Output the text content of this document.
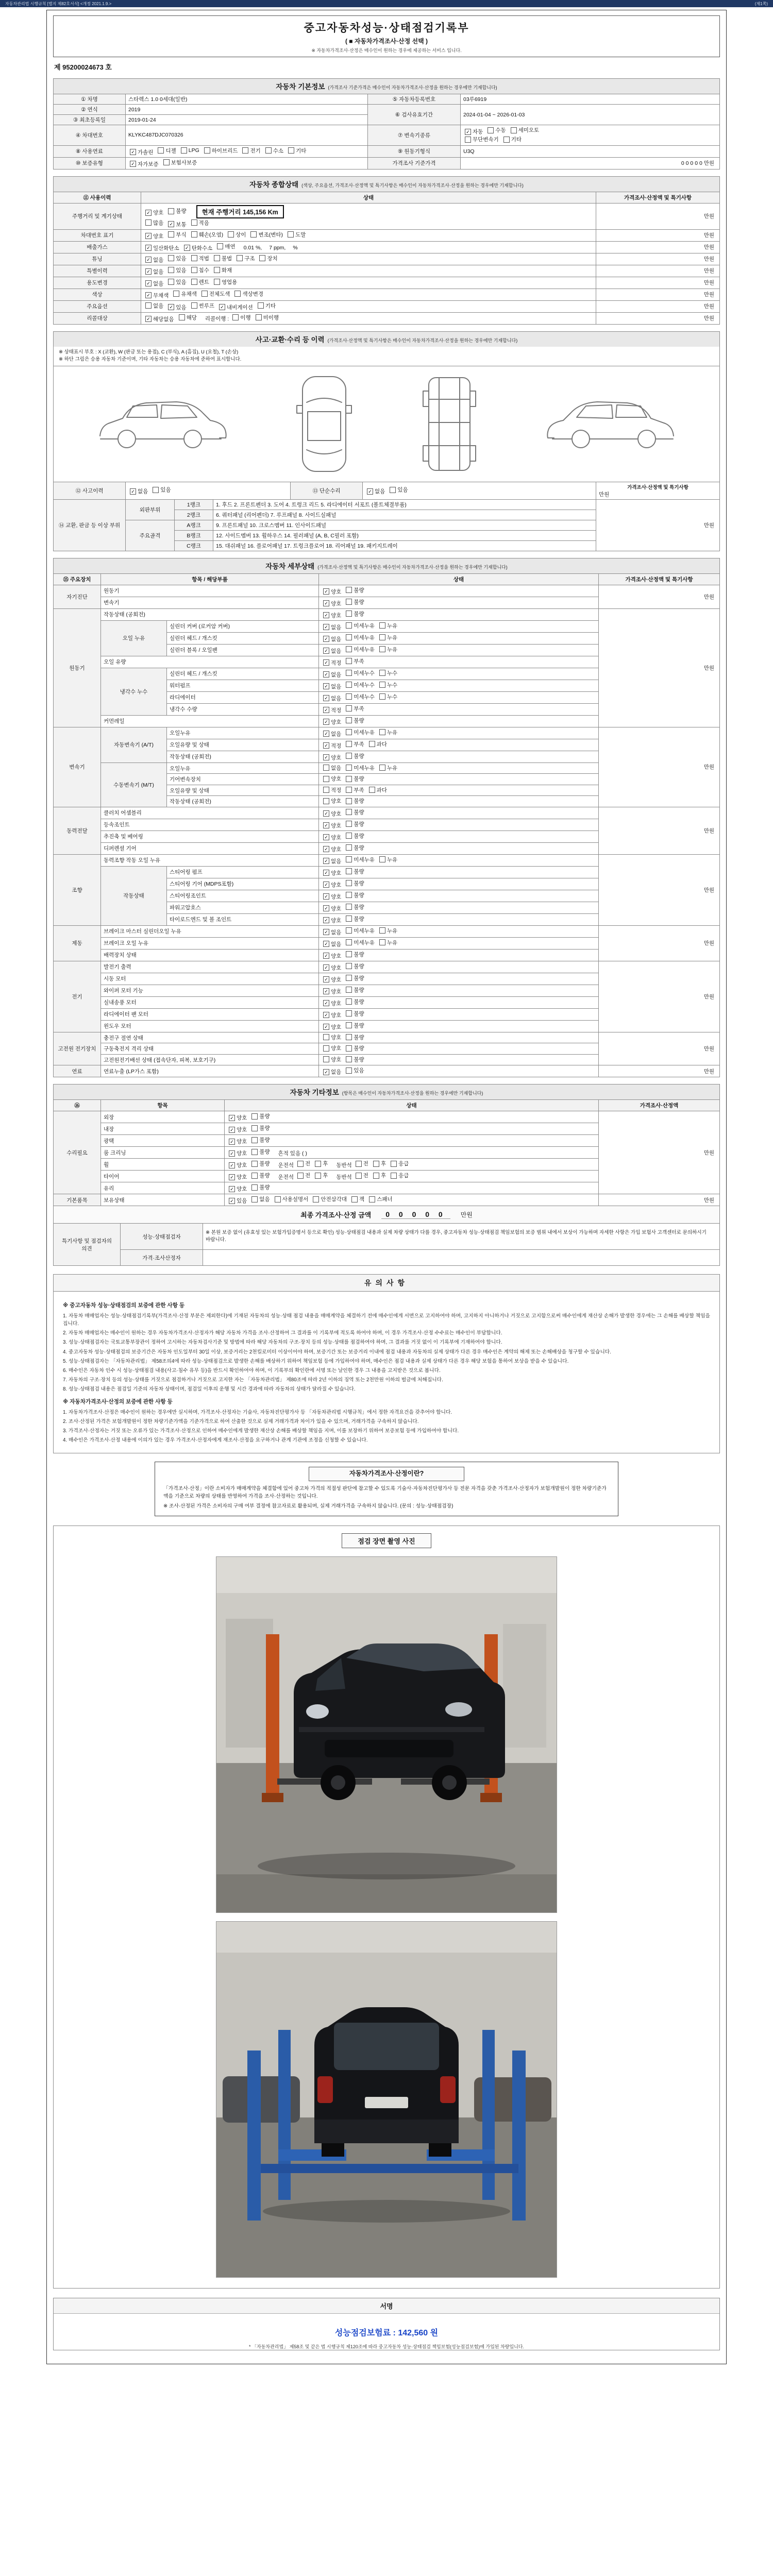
자동차관리법 시행규칙 [별지 제82호서식] <개정 2021.1.9.>	(제1쪽)
중고자동차성능·상태점검기록부
( ■ 자동차가격조사·산정 선택 )
※ 자동차가격조사·산정은 매수인이 원하는 경우에 제공하는 서비스 입니다.
제 95200024673 호
자동차 기본정보 (가격조사 기준가격은 매수인이 자동차가격조사·산정을 원하는 경우에만 기재합니다)
① 차명	스타렉스 1.0 0세대(일반)	⑤ 자동차등록번호	03루6919
② 연식	2019	⑥ 검사유효기간	2024-01-04 ~ 2026-01-03
③ 최초등록일	2019-01-24		
④ 차대번호	KLYKC487DJC070326	⑦ 변속기종류	
✓ 자동 수동 세미오토

무단변속기 기타

⑧ 사용연료	✓ 가솔린 디젤 LPG 하이브리드 전기 수소 기타	⑨ 원동기형식	U3Q
⑩ 보증유형	✓ 자가보증 보험사보증	가격조사 기준가격	0 0 0 0 0 만원
자동차 종합상태 (색상, 주요옵션, 가격조사·산정액 및 특기사항은 매수인이 자동차가격조사·산정을 원하는 경우에만 기재합니다)
⑪ 사용이력	상태	가격조사·산정액 및 특기사항
주행거리 및 계기상태	
✓ 양호 불량 현재 주행거리 145,156 Km

많음 ✓ 보통 적음
	만원
차대번호 표기	✓ 양호 부식 훼손(오염) 상이 변조(변타) 도말	만원
배출가스	✓ 일산화탄소 ✓ 탄화수소 매연 0.01 %, 7 ppm, %	만원
튜닝	✓ 없음 있음 적법 불법 구조 장치	만원
특별이력	✓ 없음 있음 침수 화재	만원
용도변경	✓ 없음 있음 렌트 영업용	만원
색상	✓ 무채색 유채색 전체도색 색상변경	만원
주요옵션	없음 ✓ 있음 썬루프 ✓ 내비게이션 기타	만원
리콜대상	✓ 해당없음 해당 리콜이행 : 이행 미이행	만원
사고·교환·수리 등 이력 (가격조사·산정액 및 특기사항은 매수인이 자동차가격조사·산정을 원하는 경우에만 기재합니다)
※ 상태표시 부호 : X (교환), W (판금 또는 용접), C (부식), A (흠집), U (요철), T (손상)
※ 하단 그림은 승용 자동차 기준이며, 기타 자동차는 승용 자동차에 준하여 표시합니다.
⑫ 사고이력	✓ 없음 있음	⑬ 단순수리	✓ 없음 있음	가격조사·산정액 및 특기사항
만원
⑭ 교환, 판금 등 이상 부위	외판부위	1랭크	1. 후드 2. 프론트펜더 3. 도어 4. 트렁크 리드 5. 라디에이터 서포트 (볼트체결부품)	만원
		2랭크	6. 쿼터패널 (리어펜더) 7. 루프패널 8. 사이드실패널	
	주요골격	A랭크	9. 프론트패널 10. 크로스멤버 11. 인사이드패널	
		B랭크	12. 사이드멤버 13. 휠하우스 14. 필러패널 (A, B, C필러 포함)	
		C랭크	15. 대쉬패널 16. 플로어패널 17. 트렁크플로어 18. 리어패널 19. 패키지트레이	
자동차 세부상태 (가격조사·산정액 및 특기사항은 매수인이 자동차가격조사·산정을 원하는 경우에만 기재합니다)
⑮ 주요장치	항목 / 해당부품		상태	가격조사·산정액 및 특기사항
자기진단	원동기		✓ 양호 불량	만원
	변속기		✓ 양호 불량	

원동기	작동상태 (공회전)		✓ 양호 불량	만원
	오일 누유	실린더 커버 (로커암 커버)	✓ 없음 미세누유 누유	

		실린더 헤드 / 개스킷	✓ 없음 미세누유 누유	

		실린더 블록 / 오일팬	✓ 없음 미세누유 누유	

	오일 유량		✓ 적정 부족	

	냉각수 누수	실린더 헤드 / 개스킷	✓ 없음 미세누수 누수	

		워터펌프	✓ 없음 미세누수 누수	

		라디에이터	✓ 없음 미세누수 누수	

		냉각수 수량	✓ 적정 부족	

	커먼레일		✓ 양호 불량	

변속기	자동변속기 (A/T)	오일누유	✓ 없음 미세누유 누유	만원
		오일유량 및 상태	✓ 적정 부족 과다	

		작동상태 (공회전)	✓ 양호 불량	

	수동변속기 (M/T)	오일누유	없음 미세누유 누유	

		기어변속장치	양호 불량	

		오일유량 및 상태	적정 부족 과다	

		작동상태 (공회전)	양호 불량	

동력전달	클러치 어셈블리		✓ 양호 불량	만원
	등속조인트		✓ 양호 불량	

	추진축 및 베어링		✓ 양호 불량	

	디퍼렌셜 기어		✓ 양호 불량	

조향	동력조향 작동 오일 누유		✓ 없음 미세누유 누유	만원
	작동상태	스티어링 펌프	✓ 양호 불량	

		스티어링 기어 (MDPS포함)	✓ 양호 불량	

		스티어링조인트	✓ 양호 불량	

		파워고압호스	✓ 양호 불량	

		타이로드엔드 및 볼 조인트	✓ 양호 불량	

제동	브레이크 마스터 실린더오일 누유		✓ 없음 미세누유 누유	만원
	브레이크 오일 누유		✓ 없음 미세누유 누유	

	배력장치 상태		✓ 양호 불량	

전기	발전기 출력		✓ 양호 불량	만원
	시동 모터		✓ 양호 불량	

	와이퍼 모터 기능		✓ 양호 불량	

	실내송풍 모터		✓ 양호 불량	

	라디에이터 팬 모터		✓ 양호 불량	

	윈도우 모터		✓ 양호 불량	

고전원 전기장치	충전구 절연 상태		양호 불량	만원
	구동축전지 격리 상태		양호 불량	

	고전원전기배선 상태 (접속단자, 피복, 보호기구)		양호 불량	

연료	연료누출 (LP가스 포함)		✓ 없음 있음	만원
자동차 기타정보 (항목은 매수인이 자동차가격조사·산정을 원하는 경우에만 기재합니다)
⑯	항목	상태	가격조사·산정액
수리필요	외장	✓ 양호 불량	만원
	내장	✓ 양호 불량	

	광택	✓ 양호 불량	

	룸 크리닝	✓ 양호 불량 흔적 있음 ( )	
휠	✓ 양호 불량 운전석 전 후 동반석 전 후 응급

타이어	✓ 양호 불량 운전석 전 후 동반석 전 후 응급

	유리	✓ 양호 불량	

기본품목	보유상태	✓ 있음 없음 사용설명서 안전삼각대 잭 스패너	만원
최종 가격조사·산정 금액	0 0 0 0 0	만원
특기사항 및 점검자의 의견	성능·상태점검자	※ 본원 보증 없이 (유효성 있는 보험가입증명서 등으로 확인) 성능·상태점검 내용과 실제 차량 상태가 다를 경우, 중고자동차 성능·상태점검 책임보험의 보증 범위 내에서 보상이 가능하며 자세한 사항은 가입 보험사 고객센터로 문의하시기 바랍니다.
	가격·조사산정자	
유의사항
※ 중고자동차 성능·상태점검의 보증에 관한 사항 등
1. 자동차 매매업자는 성능·상태점검기록부(가격조사·산정 부분은 제외한다)에 기재된 자동차의 성능·상태 점검 내용을 매매계약을 체결하기 전에 매수인에게 서면으로 고지하여야 하며, 고지하지 아니하거나 거짓으로 고지함으로써 매수인에게 재산상 손해가 발생한 경우에는 그 손해를 배상할 책임을 집니다.
2. 자동차 매매업자는 매수인이 원하는 경우 자동차가격조사·산정자가 해당 자동차 가격을 조사·산정하여 그 결과를 이 기록부에 적도록 하여야 하며, 이 경우 가격조사·산정 수수료는 매수인이 부담합니다.
3. 성능·상태점검자는 국토교통부장관이 정하여 고시하는 자동차검사기준 및 방법에 따라 해당 자동차의 구조·장치 등의 성능·상태를 점검하여야 하며, 그 결과를 거짓 없이 이 기록부에 기재하여야 합니다.
4. 중고자동차 성능·상태점검의 보증기간은 자동차 인도일부터 30일 이상, 보증거리는 2천킬로미터 이상이어야 하며, 보증기간 또는 보증거리 이내에 점검 내용과 자동차의 실제 상태가 다른 경우 매수인은 계약의 해제 또는 손해배상을 청구할 수 있습니다.
5. 성능·상태점검자는 「자동차관리법」 제58조의4에 따라 성능·상태점검으로 발생한 손해를 배상하기 위하여 책임보험 등에 가입하여야 하며, 매수인은 점검 내용과 실제 상태가 다른 경우 해당 보험을 통하여 보상을 받을 수 있습니다.
6. 매수인은 자동차 인수 시 성능·상태점검 내용(사고·침수 유무 등)을 반드시 확인하여야 하며, 이 기록부의 확인란에 서명 또는 날인한 경우 그 내용을 고지받은 것으로 봅니다.
7. 자동차의 구조·장치 등의 성능·상태를 거짓으로 점검하거나 거짓으로 고지한 자는 「자동차관리법」 제80조에 따라 2년 이하의 징역 또는 2천만원 이하의 벌금에 처해집니다.
8. 성능·상태점검 내용은 점검일 기준의 자동차 상태이며, 점검일 이후의 운행 및 시간 경과에 따라 자동차의 상태가 달라질 수 있습니다.
※ 자동차가격조사·산정의 보증에 관한 사항 등
1. 자동차가격조사·산정은 매수인이 원하는 경우에만 실시하며, 가격조사·산정자는 기술사, 자동차진단평가사 등 「자동차관리법 시행규칙」에서 정한 자격요건을 갖추어야 합니다.
2. 조사·산정된 가격은 보험개발원이 정한 차량기준가액을 기준가격으로 하여 산출한 것으로 실제 거래가격과 차이가 있을 수 있으며, 거래가격을 구속하지 않습니다.
3. 가격조사·산정자는 거짓 또는 오류가 있는 가격조사·산정으로 인하여 매수인에게 발생한 재산상 손해를 배상할 책임을 지며, 이를 보장하기 위하여 보증보험 등에 가입하여야 합니다.
4. 매수인은 가격조사·산정 내용에 이의가 있는 경우 가격조사·산정자에게 재조사·산정을 요구하거나 관계 기관에 조정을 신청할 수 있습니다.
자동차가격조사·산정이란?
「가격조사·산정」이란 소비자가 매매계약을 체결함에 있어 중고차 가격의 적절성 판단에 참고할 수 있도록 기술사·자동차진단평가사 등 전문 자격을 갖춘 가격조사·산정자가 보험개발원이 정한 차량기준가액을 기준으로 차량의 상태를 반영하여 가격을 조사·산정하는 것입니다.
※ 조사·산정된 가격은 소비자의 구매 여부 결정에 참고자료로 활용되며, 실제 거래가격을 구속하지 않습니다. (문의 : 성능·상태점검장)
점검 장면 촬영 사진
서명
성능점검보험료 : 142,560 원
* 「자동차관리법」 제58조 및 같은 법 시행규칙 제120조에 따라 중고자동차 성능·상태점검 책임보험(성능점검보험)에 가입된 차량입니다.
